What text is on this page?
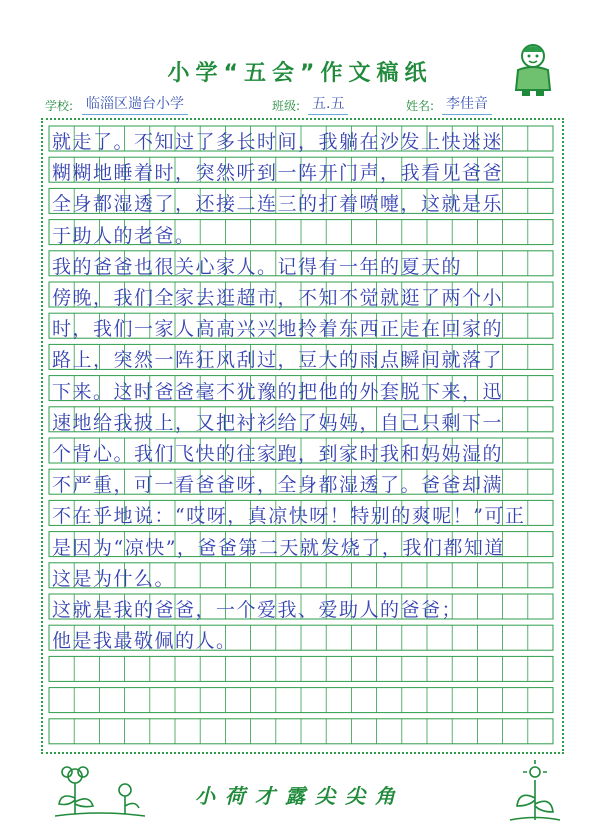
小学“五会”作文稿纸
学校: 临淄区遄台小学	班级: 五.五	姓名: 李佳音
就走了。不知过了多长时间，我躺在沙发上快迷迷
糊糊地睡着时，突然听到一阵开门声，我看见爸爸
全身都湿透了，还接二连三的打着喷嚏，这就是乐
于助人的老爸。
我的爸爸也很关心家人。记得有一年的夏天的
傍晚，我们全家去逛超市，不知不觉就逛了两个小
时，我们一家人高高兴兴地拎着东西正走在回家的
路上，突然一阵狂风刮过，豆大的雨点瞬间就落了
下来。这时爸爸毫不犹豫的把他的外套脱下来，迅
速地给我披上，又把衬衫给了妈妈，自己只剩下一
个背心。我们飞快的往家跑，到家时我和妈妈湿的
不严重，可一看爸爸呀，全身都湿透了。爸爸却满
不在乎地说：“哎呀，真凉快呀！特别的爽呢！”可正
是因为“凉快”，爸爸第二天就发烧了，我们都知道
这是为什么。
这就是我的爸爸，一个爱我、爱助人的爸爸；
他是我最敬佩的人。
小荷才露尖尖角
